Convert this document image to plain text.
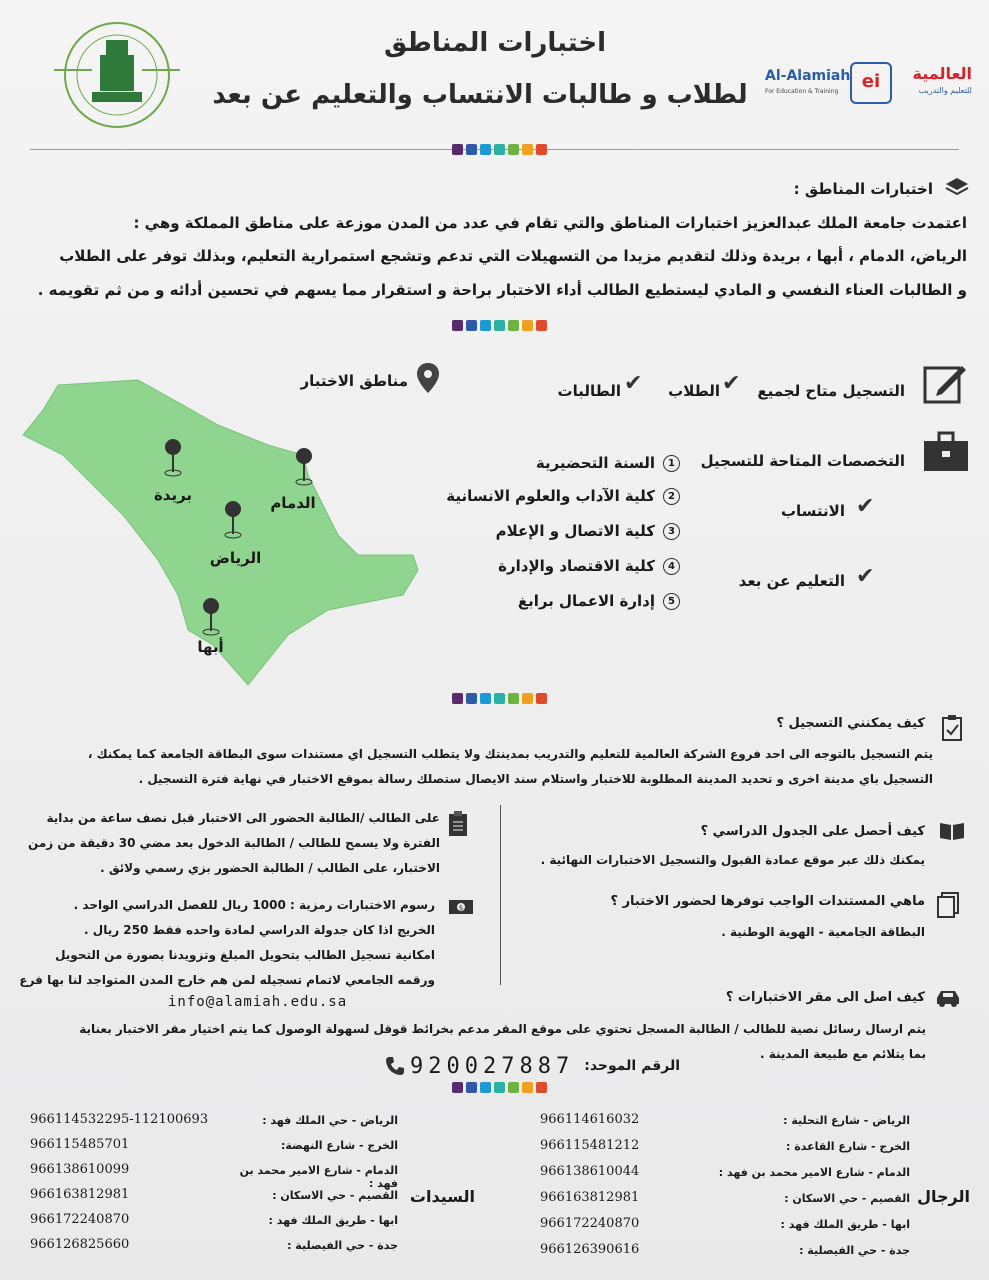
اختبارات المناطق
لطلاب و طالبات الانتساب والتعليم عن بعد
Al-Alamiah
For Education & Training	ei	العالمية
للتعليم والتدريب
اختبارات المناطق :
اعتمدت جامعة الملك عبدالعزيز اختبارات المناطق والتي تقام في عدد من المدن موزعة على مناطق المملكة وهي :
الرياض، الدمام ، أبها ، بريدة وذلك لتقديم مزيدا من التسهيلات التي تدعم وتشجع استمرارية التعليم، وبذلك توفر على الطلاب
و الطالبات العناء النفسي و المادي ليستطيع الطالب أداء الاختبار براحة و استقرار مما يسهم في تحسين أدائه و من ثم تقويمه .
مناطق الاختبار
بريدة	الدمام
الرياض
أبها
التسجيل متاح لجميع
✔
الطلاب
✔
الطالبات
التخصصات المتاحة للتسجيل
1السنة التحضيرية
2كلية الآداب والعلوم الانسانية
3كلية الاتصال و الإعلام
4كلية الاقتصاد والإدارة
5إدارة الاعمال برابغ
الانتساب ✔
التعليم عن بعد ✔
كيف يمكنني التسجيل ؟
يتم التسجيل بالتوجه الى احد فروع الشركة العالمية للتعليم والتدريب بمدينتك ولا يتطلب التسجيل اي مستندات سوى البطاقة الجامعة كما يمكنك ،
التسجيل باي مدينة اخرى و تحديد المدينة المطلوبة للاختبار واستلام سند الايصال ستصلك رسالة بموقع الاختبار في نهاية فترة التسجيل .
على الطالب /الطالبة الحضور الى الاختبار قبل نصف ساعة من بداية
الفترة ولا يسمح للطالب / الطالبة الدخول بعد مضي 30 دقيقة من زمن
الاختبار، على الطالب / الطالبة الحضور بزي رسمي ولائق .
$
رسوم الاختبارات رمزية : 1000 ريال للفصل الدراسي الواحد .
الخريج اذا كان جدولة الدراسي لمادة واحده فقط 250 ريال .
امكانية تسجيل الطالب بتحويل المبلغ وتزويدنا بصورة من التحويل
ورقمه الجامعي لاتمام تسجيله لمن هم خارج المدن المتواجد لنا بها فرع
info@alamiah.edu.sa
كيف أحصل على الجدول الدراسي ؟
يمكنك ذلك عبر موقع عمادة القبول والتسجيل الاختبارات النهائية .
ماهي المستندات الواجب توفرها لحضور الاختبار ؟
البطاقة الجامعية - الهوية الوطنية .
كيف اصل الى مقر الاختبارات ؟
يتم ارسال رسائل نصية للطالب / الطالبة المسجل تحتوي على موقع المقر مدعم بخرائط قوقل لسهولة الوصول كما يتم اختيار مقر الاختبار بعناية
بما يتلائم مع طبيعة المدينة .
الرقم الموحد:
920027887
الرجال
966114616032	الرياض - شارع التحلية :
966115481212	الخرج - شارع القاعدة :
966138610044	الدمام - شارع الامير محمد بن فهد :
966163812981	القصيم - حي الاسكان :
966172240870	ابها - طريق الملك فهد :
966126390616	جدة - حي الفيصلية :
السيدات
966114532295-112100693	الرياض - حي الملك فهد :
966115485701	الخرج - شارع النهضة:
966138610099	الدمام - شارع الامير محمد بن فهد :
966163812981	القصيم - حي الاسكان :
966172240870	ابها - طريق الملك فهد :
966126825660	جدة - حي الفيصلية :
